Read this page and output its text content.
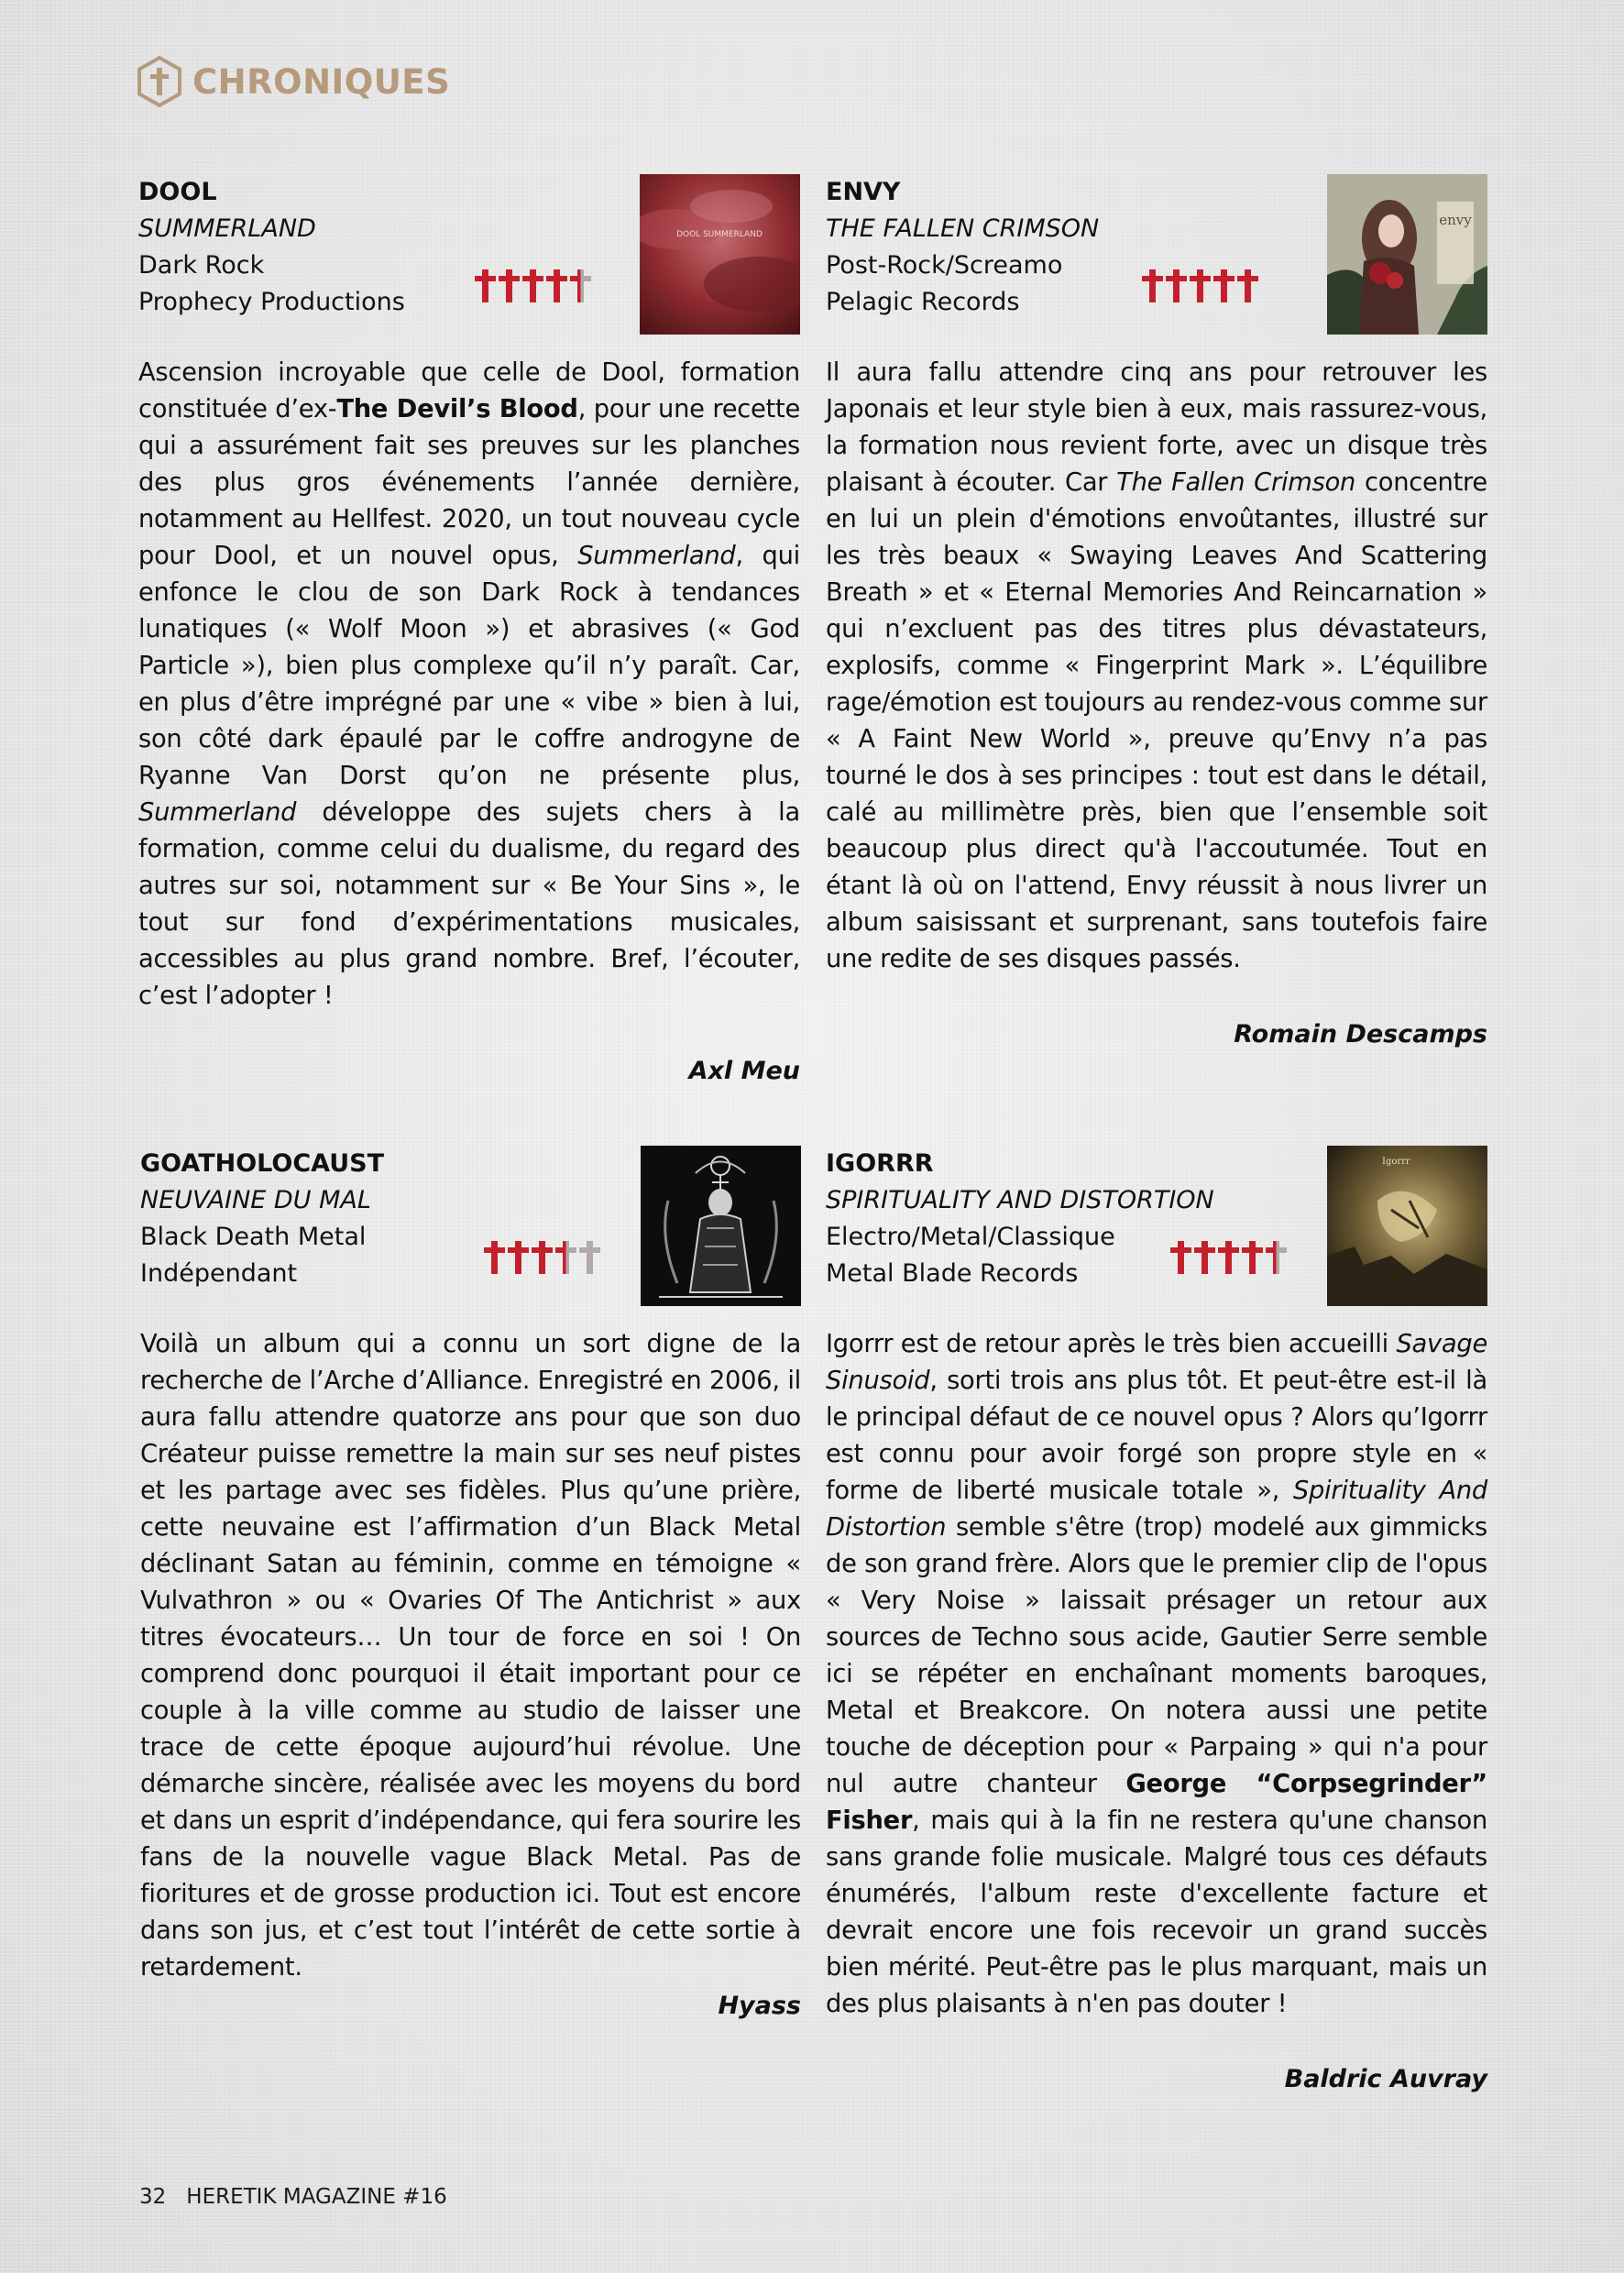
CHRONIQUES
DOOL
SUMMERLAND
Dark Rock
Prophecy Productions
DOOL SUMMERLAND

Ascension incroyable que celle de Dool, formation constituée d’ex-The Devil’s Blood, pour une recette qui a assurément fait ses preuves sur les planches des plus gros événements l’année dernière, notamment au Hellfest. 2020, un tout nouveau cycle pour Dool, et un nouvel opus, Summerland, qui enfonce le clou de son Dark Rock à tendances lunatiques (« Wolf Moon ») et abrasives (« God Particle »), bien plus complexe qu’il n’y paraît. Car, en plus d’être imprégné par une « vibe » bien à lui, son côté dark épaulé par le coffre androgyne de Ryanne Van Dorst qu’on ne présente plus, Summerland développe des sujets chers à la formation, comme celui du dualisme, du regard des autres sur soi, notamment sur « Be Your Sins », le tout sur fond d’expérimentations musicales, accessibles au plus grand nombre. Bref, l’écouter, c’est l’adopter !

Axl Meu
ENVY
THE FALLEN CRIMSON
Post-Rock/Screamo
Pelagic Records
envy

Il aura fallu attendre cinq ans pour retrouver les Japonais et leur style bien à eux, mais rassurez-vous, la formation nous revient forte, avec un disque très plaisant à écouter. Car The Fallen Crimson concentre en lui un plein d'émotions envoûtantes, illustré sur les très beaux « Swaying Leaves And Scattering Breath » et « Eternal Memories And Reincarnation » qui n’excluent pas des titres plus dévastateurs, explosifs, comme « Fingerprint Mark ». L’équilibre rage/émotion est toujours au rendez-vous comme sur « A Faint New World », preuve qu’Envy n’a pas tourné le dos à ses principes : tout est dans le détail, calé au millimètre près, bien que l’ensemble soit beaucoup plus direct qu'à l'accoutumée. Tout en étant là où on l'attend, Envy réussit à nous livrer un album saisissant et surprenant, sans toutefois faire une redite de ses disques passés.

Romain Descamps
GOATHOLOCAUST
NEUVAINE DU MAL
Black Death Metal
Indépendant

Voilà un album qui a connu un sort digne de la recherche de l’Arche d’Alliance. Enregistré en 2006, il aura fallu attendre quatorze ans pour que son duo Créateur puisse remettre la main sur ses neuf pistes et les partage avec ses fidèles. Plus qu’une prière, cette neuvaine est l’affirmation d’un Black Metal déclinant Satan au féminin, comme en témoigne « Vulvathron » ou « Ovaries Of The Antichrist » aux titres évocateurs… Un tour de force en soi ! On comprend donc pourquoi il était important pour ce couple à la ville comme au studio de laisser une trace de cette époque aujourd’hui révolue. Une démarche sincère, réalisée avec les moyens du bord et dans un esprit d’indépendance, qui fera sourire les fans de la nouvelle vague Black Metal. Pas de fioritures et de grosse production ici. Tout est encore dans son jus, et c’est tout l’intérêt de cette sortie à retardement.

Hyass
IGORRR
SPIRITUALITY AND DISTORTION
Electro/Metal/Classique
Metal Blade Records
Igorrr

Igorrr est de retour après le très bien accueilli Savage Sinusoid, sorti trois ans plus tôt. Et peut-être est-il là le principal défaut de ce nouvel opus ? Alors qu’Igorrr est connu pour avoir forgé son propre style en « forme de liberté musicale totale », Spirituality And Distortion semble s'être (trop) modelé aux gimmicks de son grand frère. Alors que le premier clip de l'opus « Very Noise » laissait présager un retour aux sources de Techno sous acide, Gautier Serre semble ici se répéter en enchaînant moments baroques, Metal et Breakcore. On notera aussi une petite touche de déception pour « Parpaing » qui n'a pour nul autre chanteur George “Corpsegrinder” Fisher, mais qui à la fin ne restera qu'une chanson sans grande folie musicale. Malgré tous ces défauts énumérés, l'album reste d'excellente facture et devrait encore une fois recevoir un grand succès bien mérité. Peut-être pas le plus marquant, mais un des plus plaisants à n'en pas douter !

Baldric Auvray
32 HERETIK MAGAZINE #16
